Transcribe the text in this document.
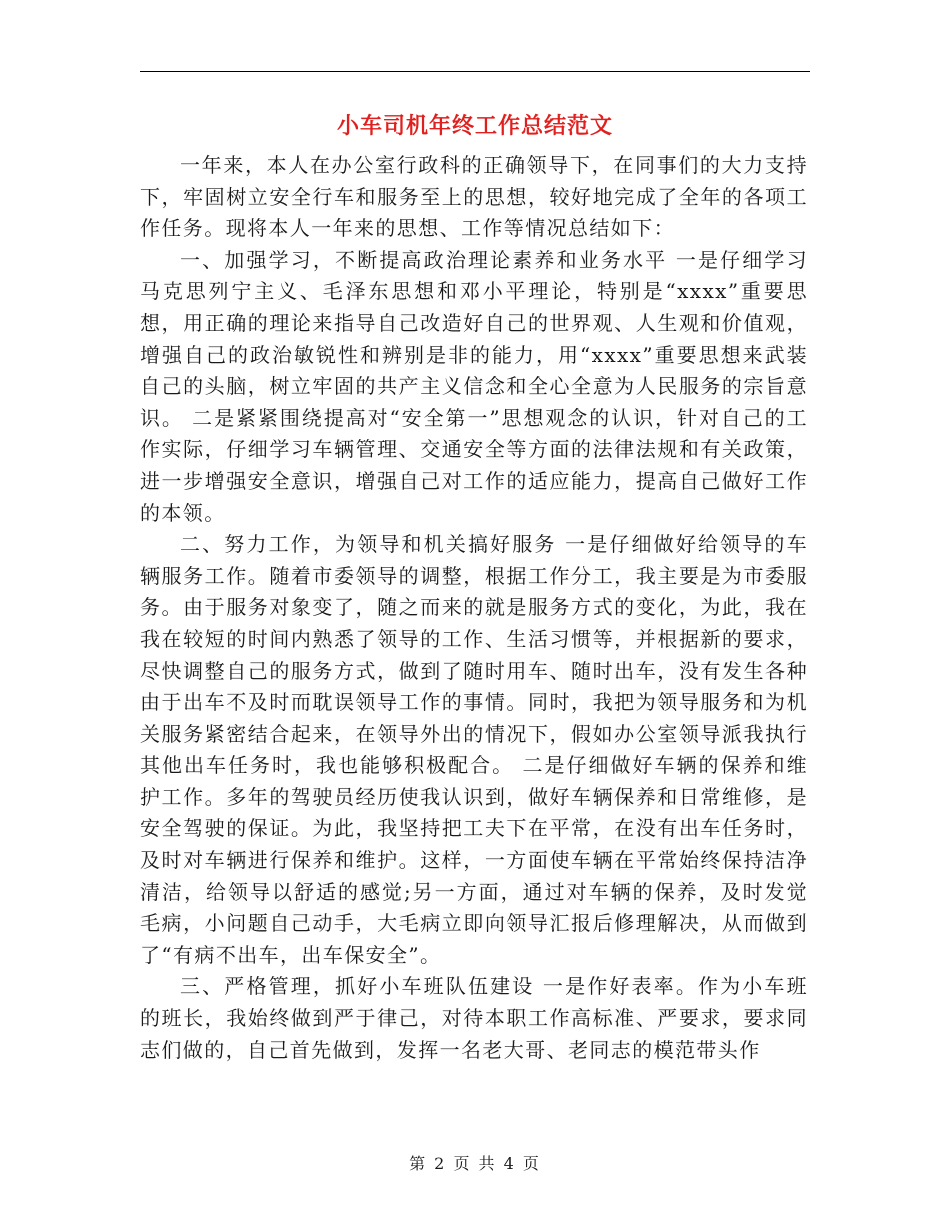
小车司机年终工作总结范文

一年来，本人在办公室行政科的正确领导下，在同事们的大力支持下，牢固树立安全行车和服务至上的思想，较好地完成了全年的各项工作任务。现将本人一年来的思想、工作等情况总结如下：

一、加强学习，不断提高政治理论素养和业务水平 一是仔细学习马克思列宁主义、毛泽东思想和邓小平理论，特别是“xxxx”重要思想，用正确的理论来指导自己改造好自己的世界观、人生观和价值观，增强自己的政治敏锐性和辨别是非的能力，用“xxxx”重要思想来武装自己的头脑，树立牢固的共产主义信念和全心全意为人民服务的宗旨意识。 二是紧紧围绕提高对“安全第一”思想观念的认识，针对自己的工作实际，仔细学习车辆管理、交通安全等方面的法律法规和有关政策，进一步增强安全意识，增强自己对工作的适应能力，提高自己做好工作的本领。

二、努力工作，为领导和机关搞好服务 一是仔细做好给领导的车辆服务工作。随着市委领导的调整，根据工作分工，我主要是为市委服务。由于服务对象变了，随之而来的就是服务方式的变化，为此，我在我在较短的时间内熟悉了领导的工作、生活习惯等，并根据新的要求，尽快调整自己的服务方式，做到了随时用车、随时出车，没有发生各种由于出车不及时而耽误领导工作的事情。同时，我把为领导服务和为机关服务紧密结合起来，在领导外出的情况下，假如办公室领导派我执行其他出车任务时，我也能够积极配合。 二是仔细做好车辆的保养和维护工作。多年的驾驶员经历使我认识到，做好车辆保养和日常维修，是安全驾驶的保证。为此，我坚持把工夫下在平常，在没有出车任务时，及时对车辆进行保养和维护。这样，一方面使车辆在平常始终保持洁净清洁，给领导以舒适的感觉;另一方面，通过对车辆的保养，及时发觉毛病，小问题自己动手，大毛病立即向领导汇报后修理解决，从而做到了“有病不出车，出车保安全”。

三、严格管理，抓好小车班队伍建设 一是作好表率。作为小车班的班长，我始终做到严于律己，对待本职工作高标准、严要求，要求同志们做的，自己首先做到，发挥一名老大哥、老同志的模范带头作

第 2 页 共 4 页
